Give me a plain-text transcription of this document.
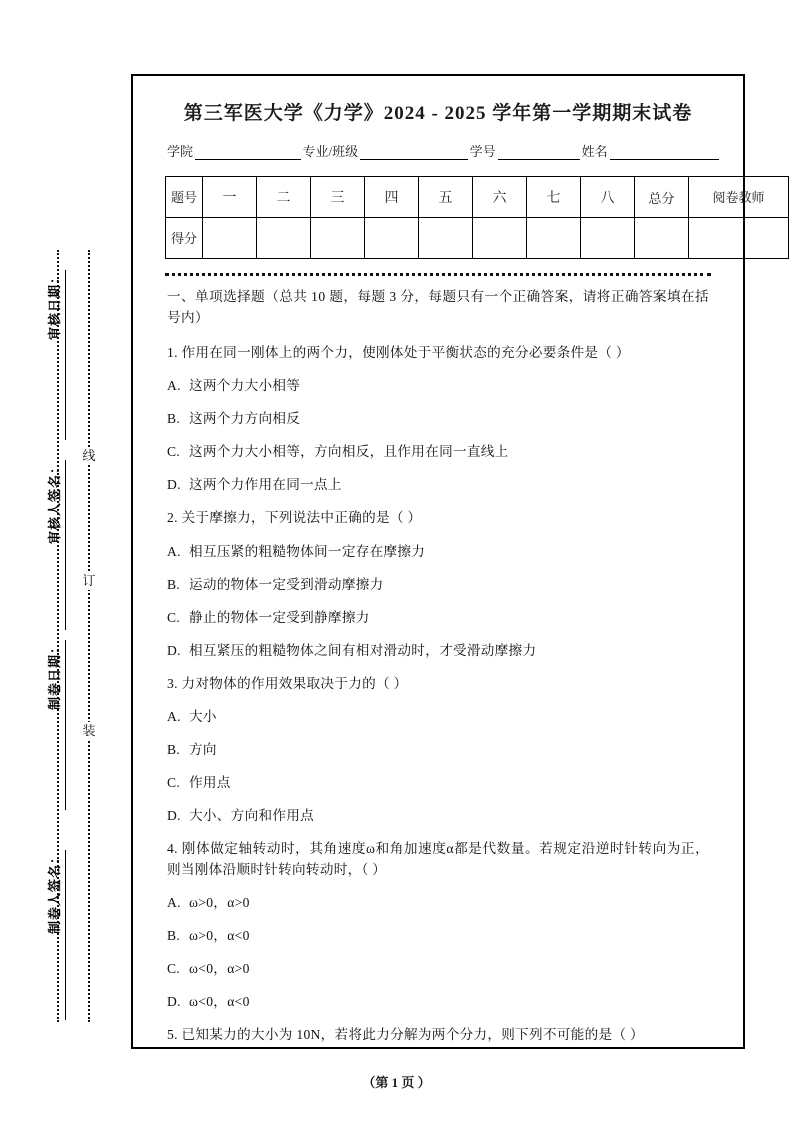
线
订
装
审核日期：
审核人签名：
制卷日期：
制卷人签名：
第三军医大学《力学》2024 - 2025 学年第一学期期末试卷
学院	专业/班级	学号	姓名
题号	一	二	三	四	五	六	七	八	总分	阅卷教师
得分										
一、单项选择题（总共 10 题，每题 3 分，每题只有一个正确答案，请将正确答案填在括号内）
1. 作用在同一刚体上的两个力，使刚体处于平衡状态的充分必要条件是（ ）
A. 这两个力大小相等
B. 这两个力方向相反
C. 这两个力大小相等，方向相反，且作用在同一直线上
D. 这两个力作用在同一点上
2. 关于摩擦力，下列说法中正确的是（ ）
A. 相互压紧的粗糙物体间一定存在摩擦力
B. 运动的物体一定受到滑动摩擦力
C. 静止的物体一定受到静摩擦力
D. 相互紧压的粗糙物体之间有相对滑动时，才受滑动摩擦力
3. 力对物体的作用效果取决于力的（ ）
A. 大小
B. 方向
C. 作用点
D. 大小、方向和作用点
4. 刚体做定轴转动时，其角速度ω和角加速度α都是代数量。若规定沿逆时针转向为正，则当刚体沿顺时针转向转动时，（ ）
A. ω>0，α>0
B. ω>0，α<0
C. ω<0，α>0
D. ω<0，α<0
5. 已知某力的大小为 10N，若将此力分解为两个分力，则下列不可能的是（ ）
（第 1 页 ）
